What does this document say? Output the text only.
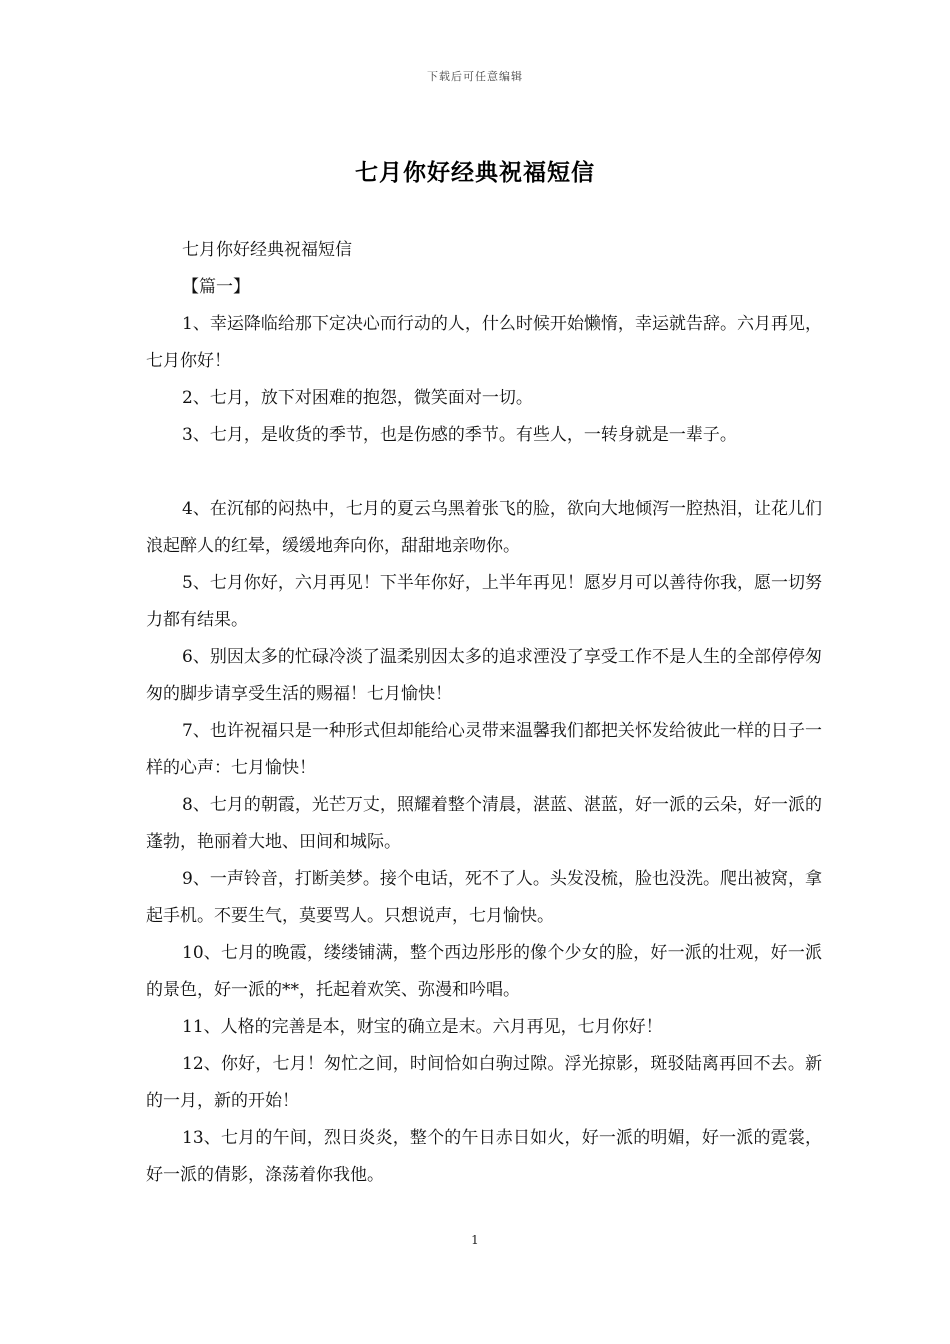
下载后可任意编辑
七月你好经典祝福短信

七月你好经典祝福短信

【篇一】

1、幸运降临给那下定决心而行动的人，什么时候开始懒惰，幸运就告辞。六月再见，七月你好！

2、七月，放下对困难的抱怨，微笑面对一切。

3、七月，是收货的季节，也是伤感的季节。有些人，一转身就是一辈子。

4、在沉郁的闷热中，七月的夏云乌黑着张飞的脸，欲向大地倾泻一腔热泪，让花儿们浪起醉人的红晕，缓缓地奔向你，甜甜地亲吻你。

5、七月你好，六月再见！下半年你好，上半年再见！愿岁月可以善待你我，愿一切努力都有结果。

6、别因太多的忙碌冷淡了温柔别因太多的追求湮没了享受工作不是人生的全部停停匆匆的脚步请享受生活的赐福！七月愉快！

7、也许祝福只是一种形式但却能给心灵带来温馨我们都把关怀发给彼此一样的日子一样的心声：七月愉快！

8、七月的朝霞，光芒万丈，照耀着整个清晨，湛蓝、湛蓝，好一派的云朵，好一派的蓬勃，艳丽着大地、田间和城际。

9、一声铃音，打断美梦。接个电话，死不了人。头发没梳，脸也没洗。爬出被窝，拿起手机。不要生气，莫要骂人。只想说声，七月愉快。

10、七月的晚霞，缕缕铺满，整个西边彤彤的像个少女的脸，好一派的壮观，好一派的景色，好一派的**，托起着欢笑、弥漫和吟唱。

11、人格的完善是本，财宝的确立是末。六月再见，七月你好！

12、你好，七月！匆忙之间，时间恰如白驹过隙。浮光掠影，斑驳陆离再回不去。新的一月，新的开始！

13、七月的午间，烈日炎炎，整个的午日赤日如火，好一派的明媚，好一派的霓裳，好一派的倩影，涤荡着你我他。

1
